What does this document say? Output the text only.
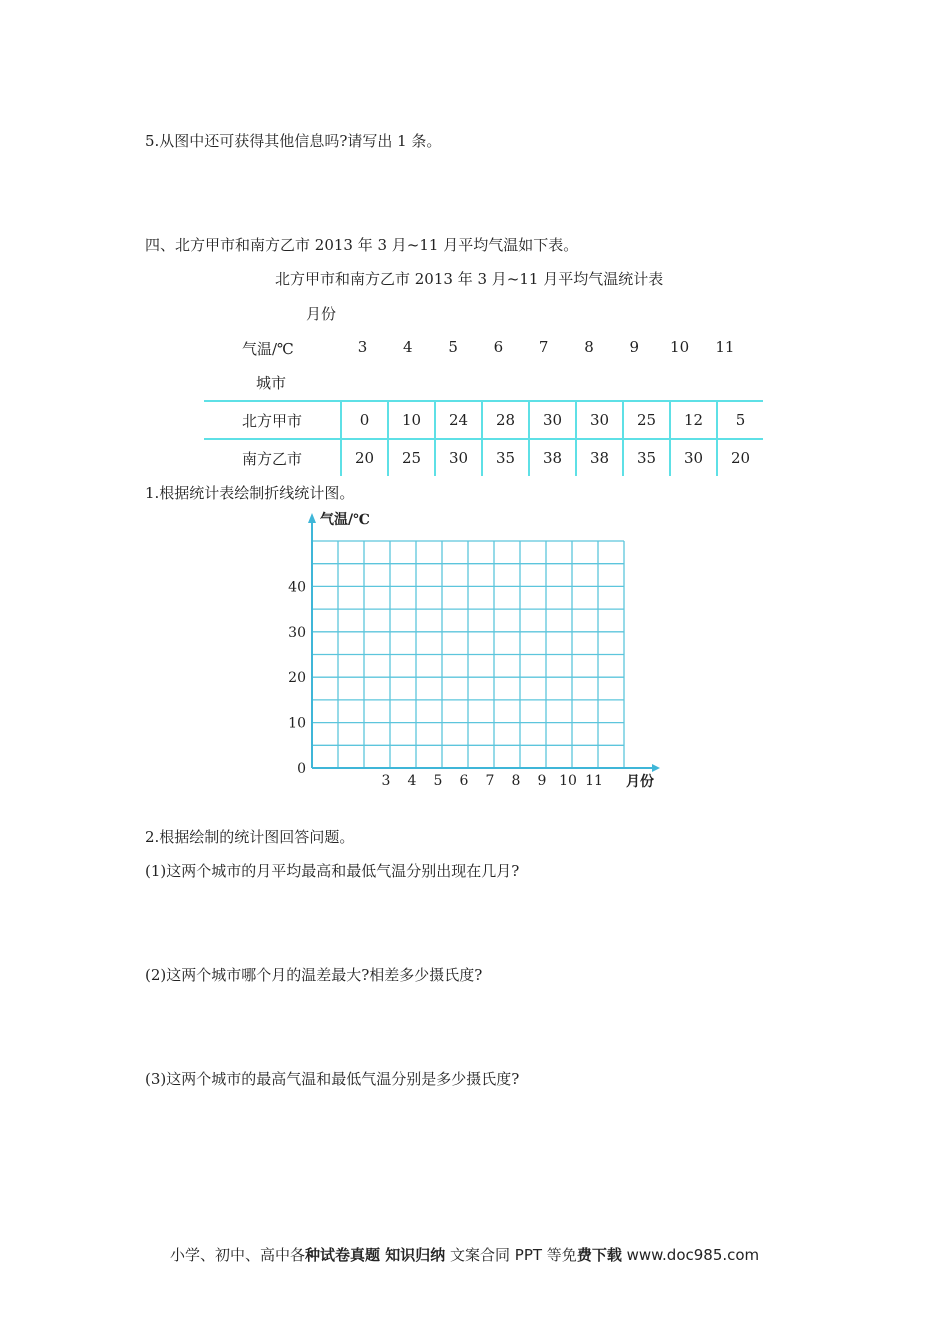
5.从图中还可获得其他信息吗?请写出 1 条。
四、北方甲市和南方乙市 2013 年 3 月~11 月平均气温如下表。
北方甲市和南方乙市 2013 年 3 月~11 月平均气温统计表
月份
气温/℃
城市
3	4	5	6	7	8	9	10	11
北方甲市	0	10	24	28	30	30	25	12	5
南方乙市	20	25	30	35	38	38	35	30	20
1.根据统计表绘制折线统计图。
0
10
20
30
40
3 4 5 6 7 8 9 10 11
气温/℃
月份
2.根据绘制的统计图回答问题。
(1)这两个城市的月平均最高和最低气温分别出现在几月?
(2)这两个城市哪个月的温差最大?相差多少摄氏度?
(3)这两个城市的最高气温和最低气温分别是多少摄氏度?
小学、初中、高中各种试卷真题 知识归纳 文案合同 PPT 等免费下载 www.doc985.com
